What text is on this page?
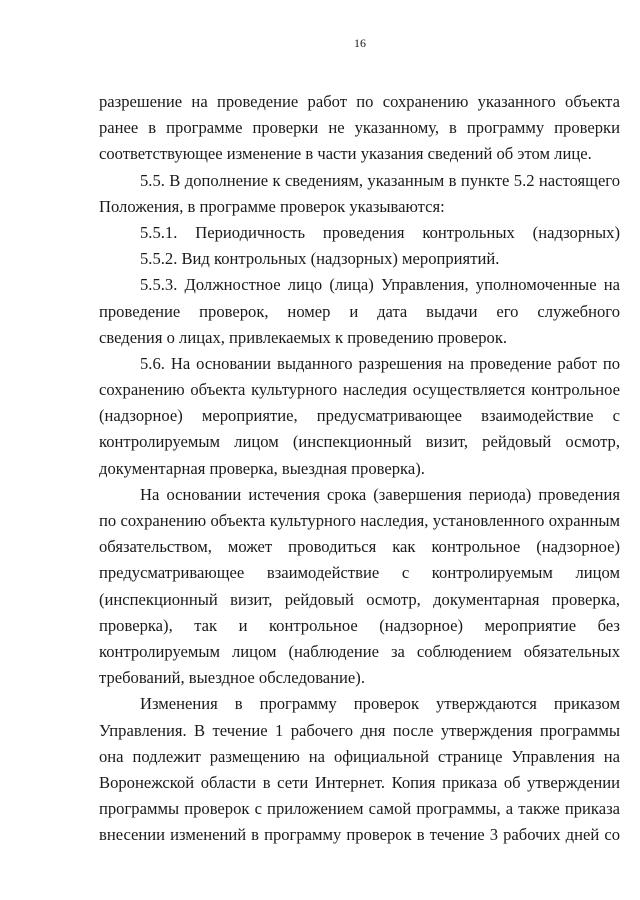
16
разрешение на проведение работ по сохранению указанного объекта
ранее в программе проверки не указанному, в программу проверки
соответствующее изменение в части указания сведений об этом лице.
5.5. В дополнение к сведениям, указанным в пункте 5.2 настоящего
Положения, в программе проверок указываются:
5.5.1. Периодичность проведения контрольных (надзорных)
5.5.2. Вид контрольных (надзорных) мероприятий.
5.5.3. Должностное лицо (лица) Управления, уполномоченные на
проведение проверок, номер и дата выдачи его служебного
сведения о лицах, привлекаемых к проведению проверок.
5.6. На основании выданного разрешения на проведение работ по
сохранению объекта культурного наследия осуществляется контрольное
(надзорное) мероприятие, предусматривающее взаимодействие с
контролируемым лицом (инспекционный визит, рейдовый осмотр,
документарная проверка, выездная проверка).
На основании истечения срока (завершения периода) проведения
по сохранению объекта культурного наследия, установленного охранным
обязательством, может проводиться как контрольное (надзорное)
предусматривающее взаимодействие с контролируемым лицом
(инспекционный визит, рейдовый осмотр, документарная проверка,
проверка), так и контрольное (надзорное) мероприятие без
контролируемым лицом (наблюдение за соблюдением обязательных
требований, выездное обследование).
Изменения в программу проверок утверждаются приказом
Управления. В течение 1 рабочего дня после утверждения программы
она подлежит размещению на официальной странице Управления на
Воронежской области в сети Интернет. Копия приказа об утверждении
программы проверок с приложением самой программы, а также приказа
внесении изменений в программу проверок в течение 3 рабочих дней со
